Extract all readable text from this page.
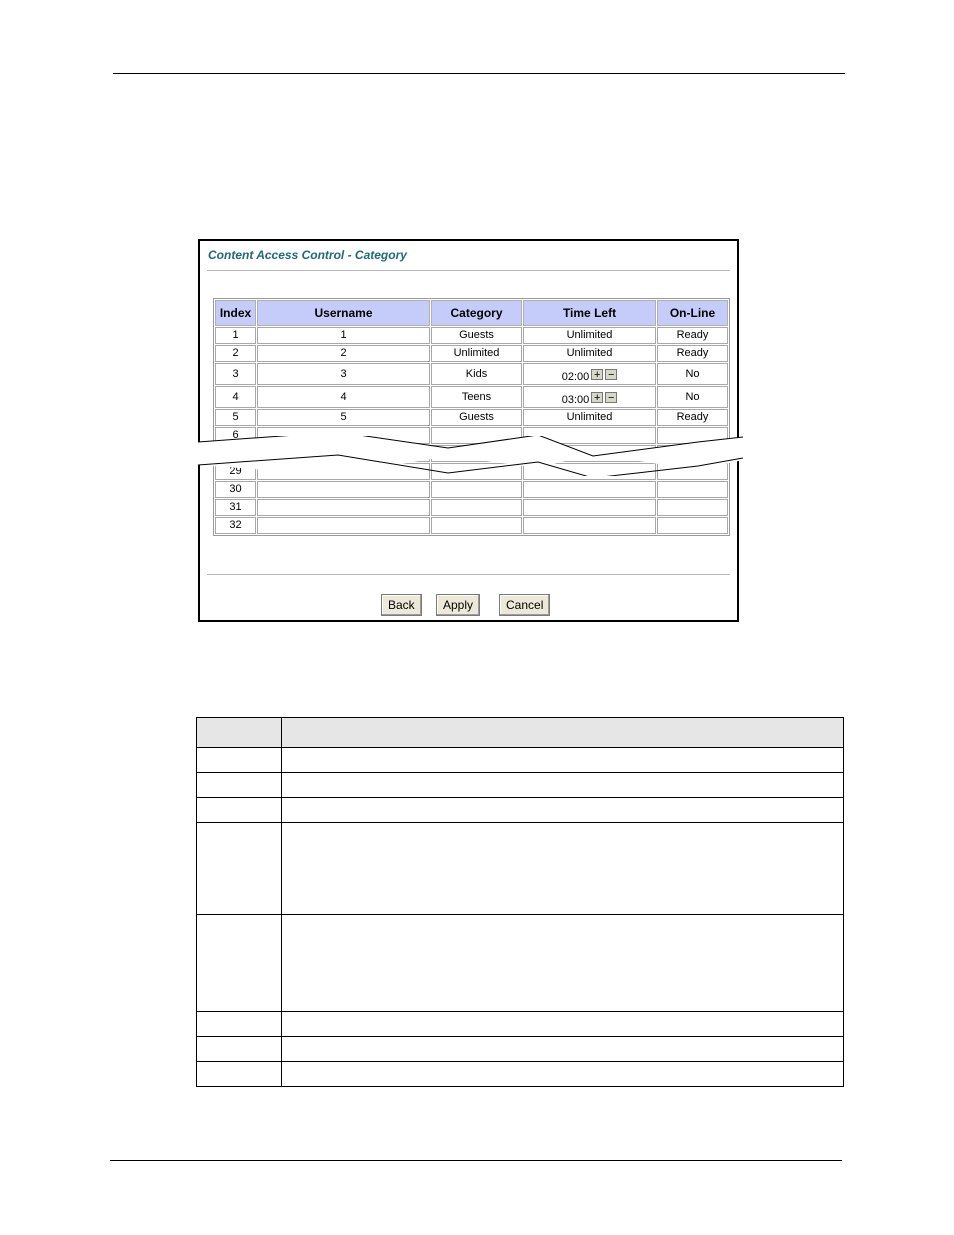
Content Access Control - Category
Index	Username	Category	Time Left	On-Line
1	1	Guests	Unlimited	Ready
2	2	Unlimited	Unlimited	Ready
3	3	Kids	02:00 + −	No
4	4	Teens	03:00 + −	No
5	5	Guests	Unlimited	Ready
6				

29				
30				
31				
32				
Back	Apply	Cancel
